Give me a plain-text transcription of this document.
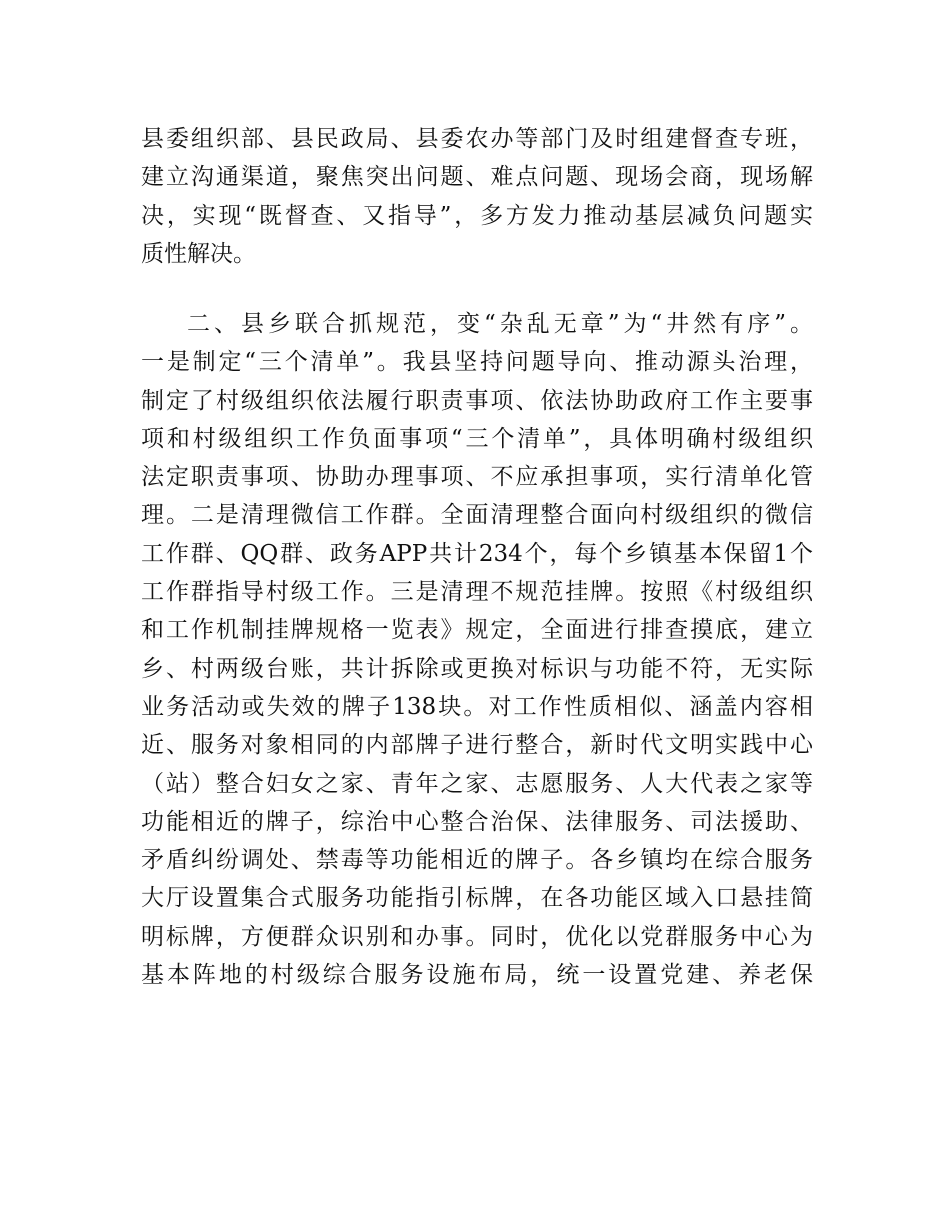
县委组织部、县民政局、县委农办等部门及时组建督查专班，
建立沟通渠道，聚焦突出问题、难点问题、现场会商，现场解
决，实现“既督查、又指导”，多方发力推动基层减负问题实
质性解决。
二、县乡联合抓规范，变“杂乱无章”为“井然有序”。
一是制定“三个清单”。我县坚持问题导向、推动源头治理，
制定了村级组织依法履行职责事项、依法协助政府工作主要事
项和村级组织工作负面事项“三个清单”，具体明确村级组织
法定职责事项、协助办理事项、不应承担事项，实行清单化管
理。二是清理微信工作群。全面清理整合面向村级组织的微信
工作群、QQ群、政务APP共计234个，每个乡镇基本保留1个
工作群指导村级工作。三是清理不规范挂牌。按照《村级组织
和工作机制挂牌规格一览表》规定，全面进行排查摸底，建立
乡、村两级台账，共计拆除或更换对标识与功能不符，无实际
业务活动或失效的牌子138块。对工作性质相似、涵盖内容相
近、服务对象相同的内部牌子进行整合，新时代文明实践中心
（站）整合妇女之家、青年之家、志愿服务、人大代表之家等
功能相近的牌子，综治中心整合治保、法律服务、司法援助、
矛盾纠纷调处、禁毒等功能相近的牌子。各乡镇均在综合服务
大厅设置集合式服务功能指引标牌，在各功能区域入口悬挂简
明标牌，方便群众识别和办事。同时，优化以党群服务中心为
基本阵地的村级综合服务设施布局，统一设置党建、养老保
